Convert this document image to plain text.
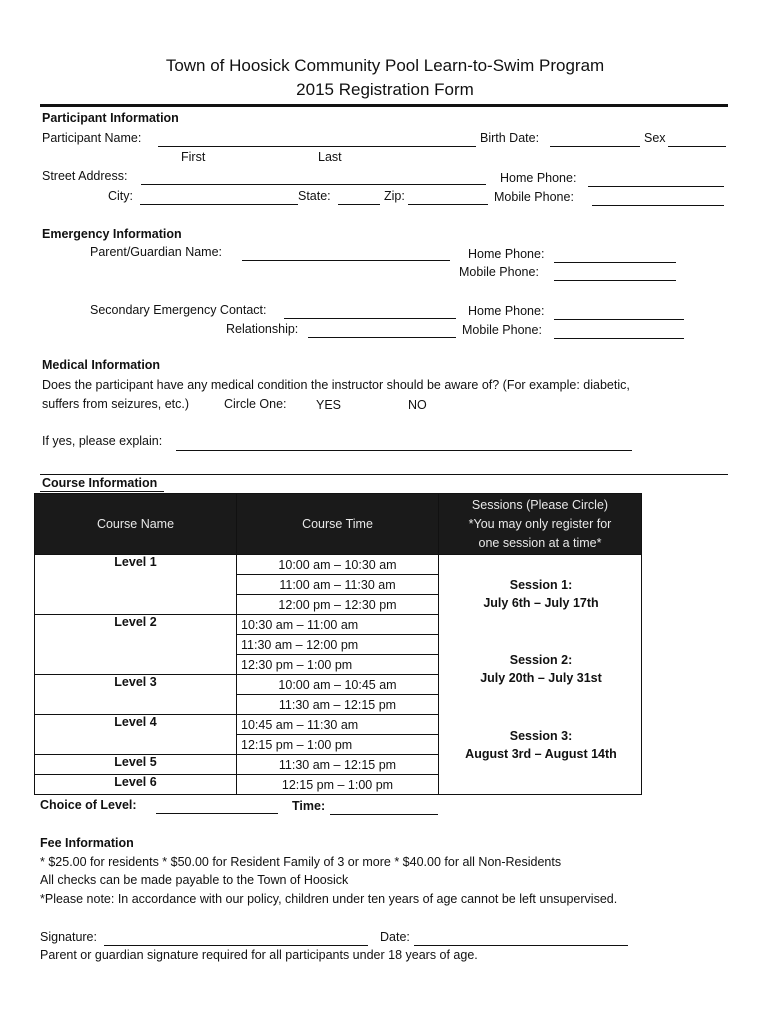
Town of Hoosick Community Pool Learn-to-Swim Program
2015 Registration Form
Participant Information
Participant Name:	Birth Date:	Sex
First	Last
Street Address:	Home Phone:
City:	State:	Zip:	Mobile Phone:
Emergency Information
Parent/Guardian Name:	Home Phone:
Mobile Phone:
Secondary Emergency Contact:	Home Phone:
Relationship:	Mobile Phone:
Medical Information
Does the participant have any medical condition the instructor should be aware of? (For example: diabetic,
suffers from seizures, etc.)	Circle One: YES	NO
If yes, please explain:
Course Information
Course Name	Course Time	Sessions (Please Circle)
*You may only register for
one session at a time*

Level 1	10:00 am – 10:30 am	
	11:00 am – 11:30 am	
	12:00 pm – 12:30 pm	
Level 2	10:30 am – 11:00 am	
	11:30 am – 12:00 pm	
	12:30 pm – 1:00 pm	
Level 3	10:00 am – 10:45 am	
	11:30 am – 12:15 pm	
Level 4	10:45 am – 11:30 am	
	12:15 pm – 1:00 pm	
Level 5	11:30 am – 12:15 pm	
Level 6	12:15 pm – 1:00 pm	
Session 1:
July 6th – July 17th
Session 2:
July 20th – July 31st
Session 3:
August 3rd – August 14th
Choice of Level:	Time:
Fee Information
* $25.00 for residents * $50.00 for Resident Family of 3 or more * $40.00 for all Non-Residents
All checks can be made payable to the Town of Hoosick
*Please note: In accordance with our policy, children under ten years of age cannot be left unsupervised.
Signature:	Date:
Parent or guardian signature required for all participants under 18 years of age.
